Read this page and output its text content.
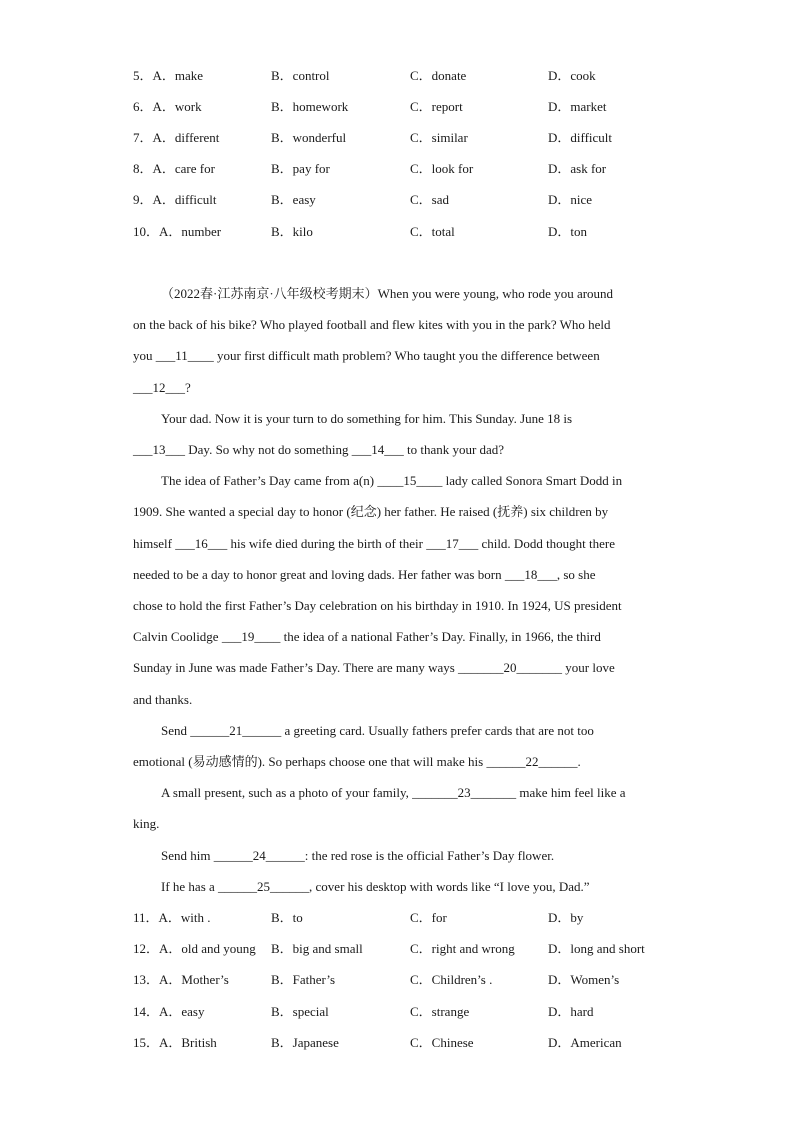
5．A．make	B．control	C．donate	D．cook
6．A．work	B．homework	C．report	D．market
7．A．different	B．wonderful	C．similar	D．difficult
8．A．care for	B．pay for	C．look for	D．ask for
9．A．difficult	B．easy	C．sad	D．nice
10．A．number	B．kilo	C．total	D．ton
（2022春·江苏南京·八年级校考期末）When you were young, who rode you around
on the back of his bike? Who played football and flew kites with you in the park? Who held
you ___11____ your first difficult math problem? Who taught you the difference between
___12___?
Your dad. Now it is your turn to do something for him. This Sunday. June 18 is
___13___ Day. So why not do something ___14___ to thank your dad?
The idea of Father’s Day came from a(n) ____15____ lady called Sonora Smart Dodd in
1909. She wanted a special day to honor (纪念) her father. He raised (抚养) six children by
himself ___16___ his wife died during the birth of their ___17___ child. Dodd thought there
needed to be a day to honor great and loving dads. Her father was born ___18___, so she
chose to hold the first Father’s Day celebration on his birthday in 1910. In 1924, US president
Calvin Coolidge ___19____ the idea of a national Father’s Day. Finally, in 1966, the third
Sunday in June was made Father’s Day. There are many ways _______20_______ your love
and thanks.
Send ______21______ a greeting card. Usually fathers prefer cards that are not too
emotional (易动感情的). So perhaps choose one that will make his ______22______.
A small present, such as a photo of your family, _______23_______ make him feel like a
king.
Send him ______24______: the red rose is the official Father’s Day flower.
If he has a ______25______, cover his desktop with words like “I love you, Dad.”
11．A．with .	B．to	C．for	D．by
12．A．old and young B．big and small	C．right and wrong	D．long and short
13．A．Mother’s	B．Father’s	C．Children’s .	D．Women’s
14．A．easy	B．special	C．strange	D．hard
15．A．British	B．Japanese	C．Chinese	D．American
